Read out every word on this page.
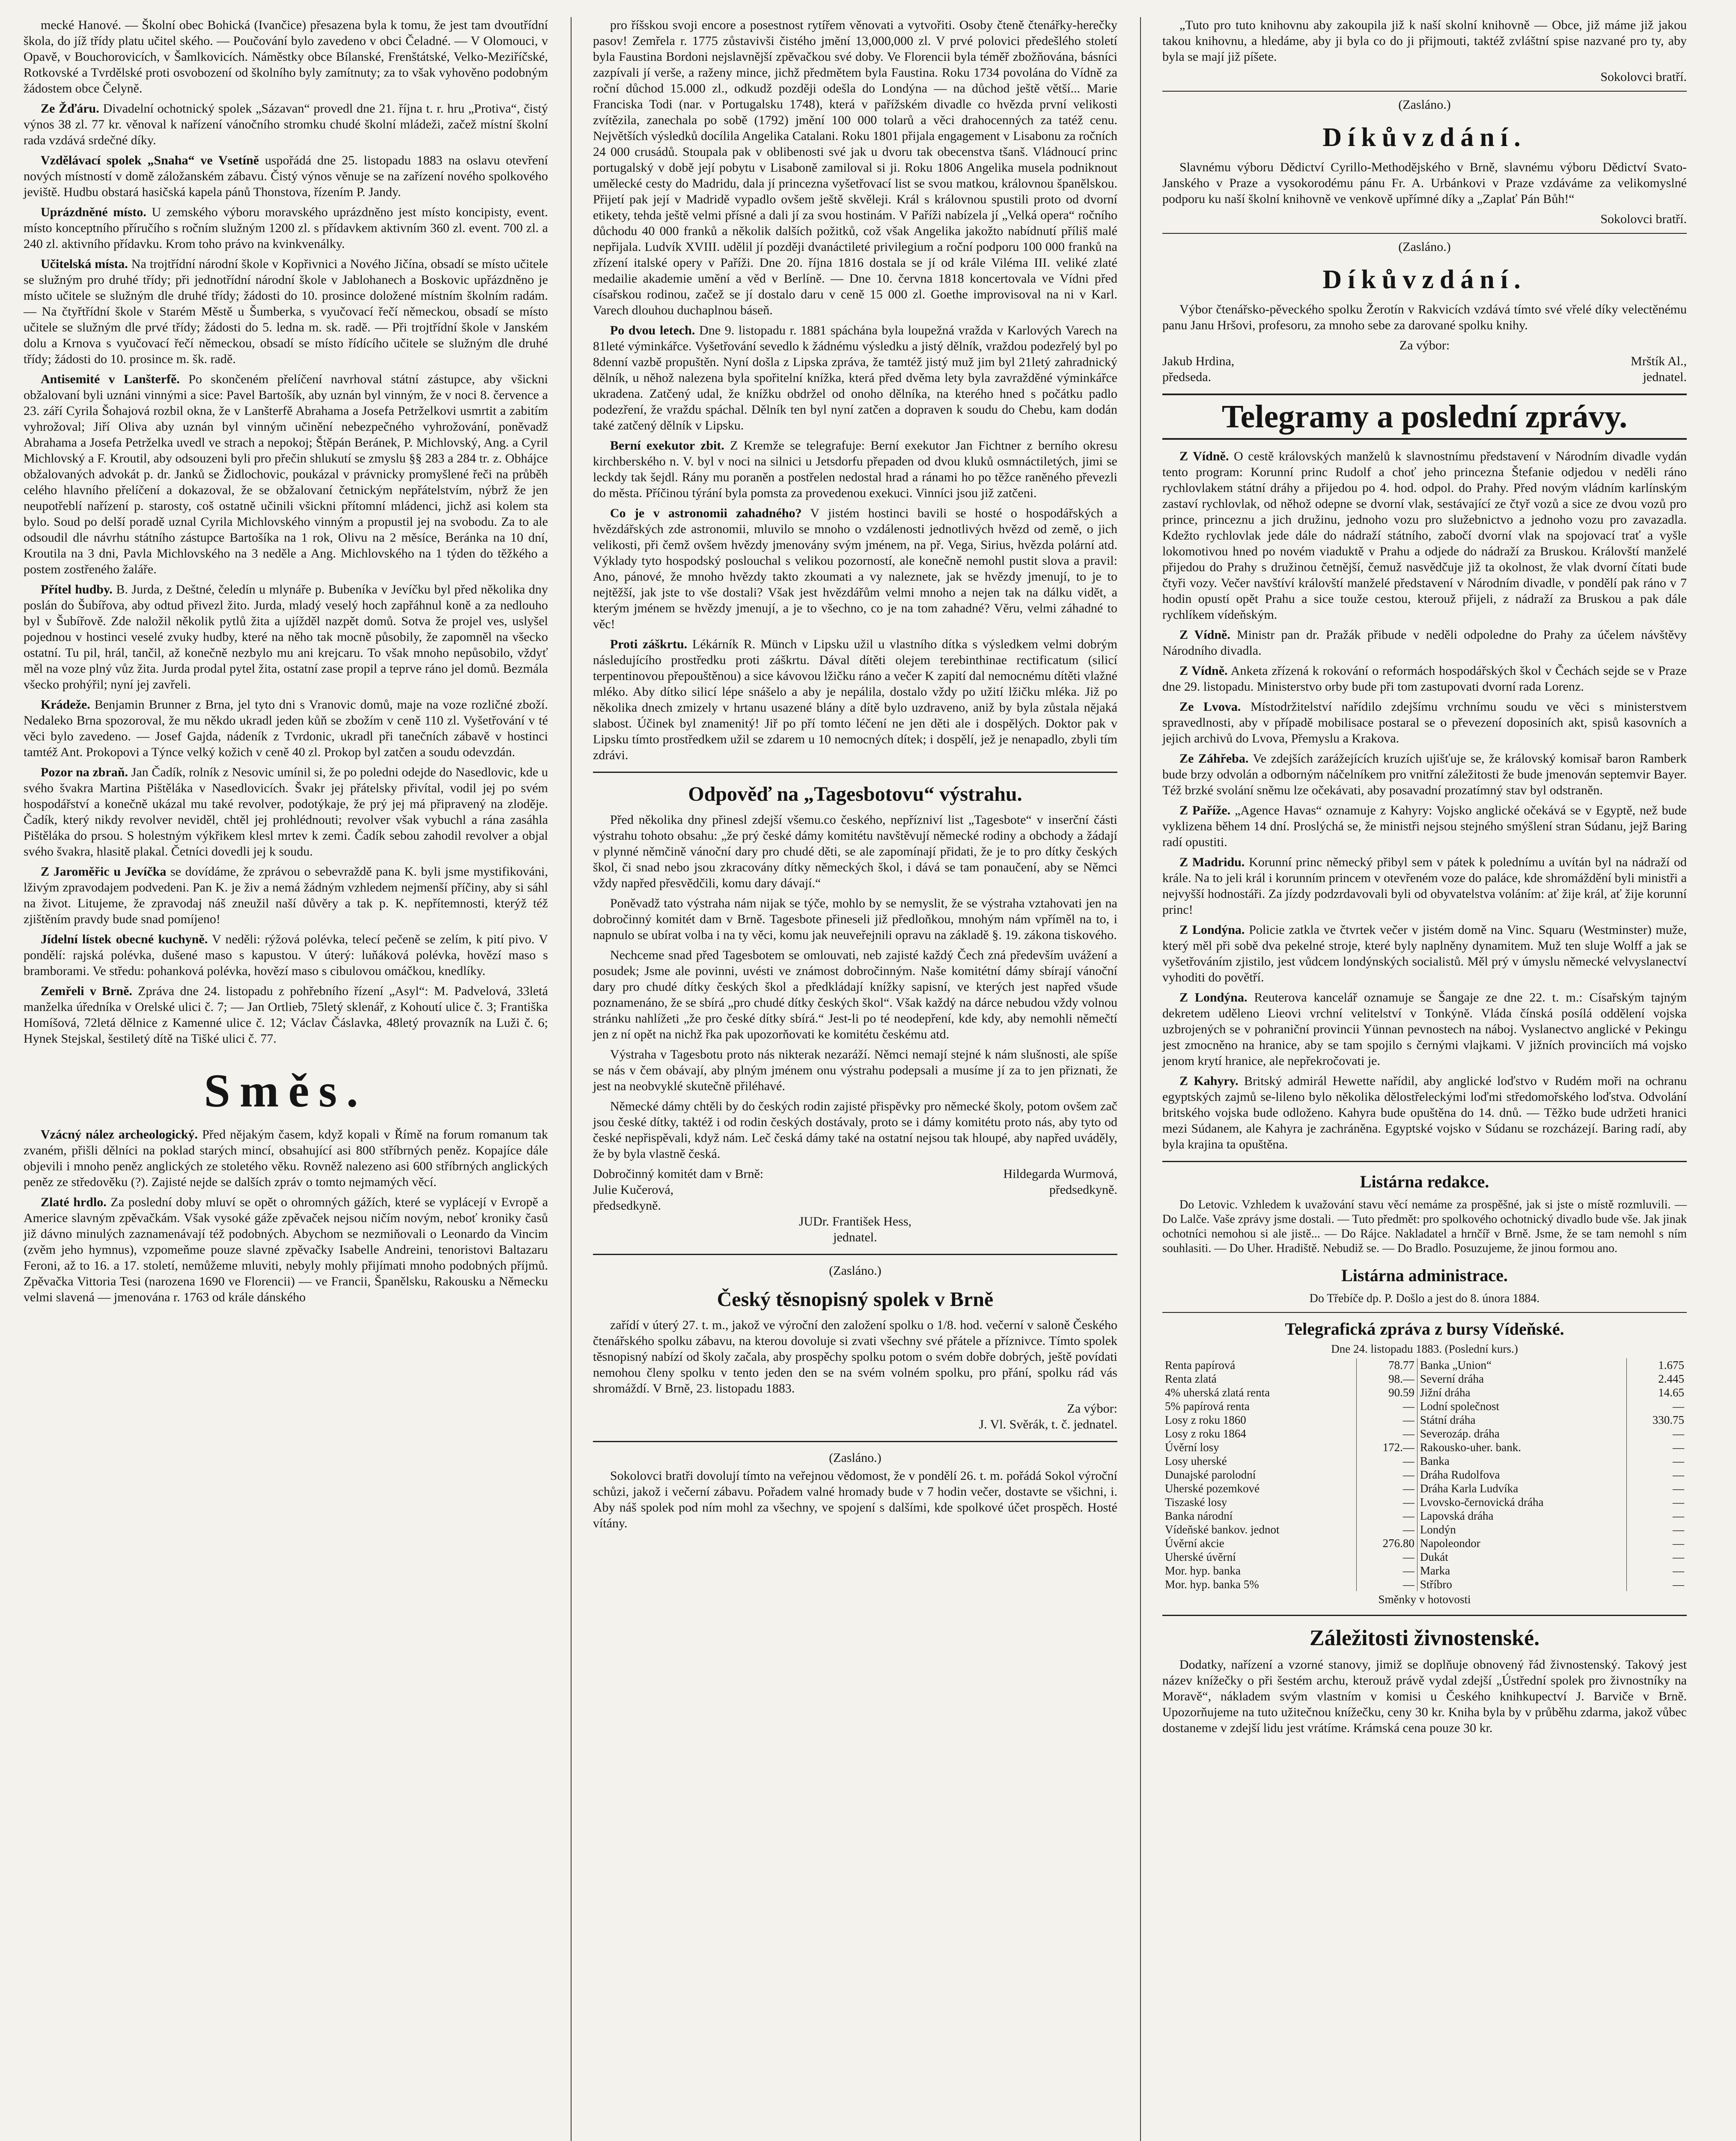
mecké Hanové. — Školní obec Bohická (Ivančice) přesazena byla k tomu, že jest tam dvoutřídní škola, do jíž třídy platu učitel ského. — Poučování bylo zavedeno v obci Čeladné. — V Olomouci, v Opavě, v Bouchorovicích, v Šamlkovicích. Náměstky obce Bílanské, Frenštátské, Velko-Meziříčské, Rotkovské a Tvrdělské proti osvobození od školního byly zamítnuty; za to však vyhověno podobným žádostem obce Čelyně.

Ze Žďáru. Divadelní ochotnický spolek „Sázavan“ provedl dne 21. října t. r. hru „Protiva“, čistý výnos 38 zl. 77 kr. věnoval k nařízení vánočního stromku chudé školní mládeži, začež místní školní rada vzdává srdečné díky.

Vzdělávací spolek „Snaha“ ve Vsetíně uspořádá dne 25. listopadu 1883 na oslavu otevření nových místností v domě záložanském zábavu. Čistý výnos věnuje se na zařízení nového spolkového jeviště. Hudbu obstará hasičská kapela pánů Thonstova, řízením P. Jandy.

Uprázdněné místo. U zemského výboru moravského uprázdněno jest místo koncipisty, event. místo konceptního příručího s ročním služným 1200 zl. s přídavkem aktivním 360 zl. event. 700 zl. a 240 zl. aktivního přídavku. Krom toho právo na kvinkvenálky.

Učitelská místa. Na trojtřídní národní škole v Kopřivnici a Nového Jičína, obsadí se místo učitele se služným pro druhé třídy; při jednotřídní národní škole v Jablohanech a Boskovic upřázdněno je místo učitele se služným dle druhé třídy; žádosti do 10. prosince doložené místním školním radám. — Na čtyřtřídní škole v Starém Městě u Šumberka, s vyučovací řečí německou, obsadí se místo učitele se služným dle prvé třídy; žádosti do 5. ledna m. sk. radě. — Při trojtřídní škole v Janském dolu a Krnova s vyučovací řečí německou, obsadí se místo řídícího učitele se služným dle druhé třídy; žádosti do 10. prosince m. šk. radě.

Antisemité v Lanšterfě. Po skončeném přelíčení navrhoval státní zástupce, aby všickni obžalovaní byli uznáni vinnými a sice: Pavel Bartošík, aby uznán byl vinným, že v noci 8. července a 23. září Cyrila Šohajová rozbil okna, že v Lanšterfě Abrahama a Josefa Petrželkovi usmrtit a zabitím vyhrožoval; Jiří Oliva aby uznán byl vinným učinění nebezpečného vyhrožování, poněvadž Abrahama a Josefa Petrželka uvedl ve strach a nepokoj; Štěpán Beránek, P. Michlovský, Ang. a Cyril Michlovský a F. Kroutil, aby odsouzeni byli pro přečin shlukutí se zmyslu §§ 283 a 284 tr. z. Obhájce obžalovaných advokát p. dr. Janků se Židlochovic, poukázal v právnicky promyšlené řeči na průběh celého hlavního přelíčení a dokazoval, že se obžalovaní četnickým nepřátelstvím, nýbrž že jen neupotřeblí nařízení p. starosty, coš ostatně učinili všickni přítomní mládenci, jichž asi kolem sta bylo. Soud po delší poradě uznal Cyrila Michlovského vinným a propustil jej na svobodu. Za to ale odsoudil dle návrhu státního zástupce Bartošíka na 1 rok, Olivu na 2 měsíce, Beránka na 10 dní, Kroutila na 3 dni, Pavla Michlovského na 3 neděle a Ang. Michlovského na 1 týden do těžkého a postem zostřeného žaláře.

Přítel hudby. B. Jurda, z Deštné, čeledín u mlynáře p. Bubeníka v Jevíčku byl před několika dny poslán do Šubířova, aby odtud přivezl žito. Jurda, mladý veselý hoch zapřáhnul koně a za nedlouho byl v Šubířově. Zde naložil několik pytlů žita a ujížděl nazpět domů. Sotva že projel ves, uslyšel pojednou v hostinci veselé zvuky hudby, které na něho tak mocně působily, že zapomněl na všecko ostatní. Tu pil, hrál, tančil, až konečně nezbylo mu ani krejcaru. To však mnoho nepůsobilo, vždyť měl na voze plný vůz žita. Jurda prodal pytel žita, ostatní zase propil a teprve ráno jel domů. Bezmála všecko prohýřil; nyní jej zavřeli.

Krádeže. Benjamin Brunner z Brna, jel tyto dni s Vranovic domů, maje na voze rozličné zboží. Nedaleko Brna spozoroval, že mu někdo ukradl jeden kůň se zbožím v ceně 110 zl. Vyšetřování v té věci bylo zavedeno. — Josef Gajda, nádeník z Tvrdonic, ukradl při tanečních zábavě v hostinci tamtéž Ant. Prokopovi a Týnce velký kožich v ceně 40 zl. Prokop byl zatčen a soudu odevzdán.

Pozor na zbraň. Jan Čadík, rolník z Nesovic umínil si, že po poledni odejde do Nasedlovic, kde u svého švakra Martina Pištěláka v Nasedlovicích. Švakr jej přátelsky přivítal, vodil jej po svém hospodářství a konečně ukázal mu také revolver, podotýkaje, že prý jej má připravený na zloděje. Čadík, který nikdy revolver neviděl, chtěl jej prohlédnouti; revolver však vybuchl a rána zasáhla Pištěláka do prsou. S holestným výkřikem klesl mrtev k zemi. Čadík sebou zahodil revolver a objal svého švakra, hlasitě plakal. Četníci dovedli jej k soudu.

Z Jaroměřic u Jevíčka se dovídáme, že zprávou o sebevraždě pana K. byli jsme mystifikováni, lživým zpravodajem podvedeni. Pan K. je živ a nemá žádným vzhledem nejmenší příčiny, aby si sáhl na život. Litujeme, že zpravodaj náš zneužil naší důvěry a tak p. K. nepřítemnosti, kterýž též zjištěním pravdy bude snad pomíjeno!

Jídelní lístek obecné kuchyně. V neděli: rýžová polévka, telecí pečeně se zelím, k pití pivo. V pondělí: rajská polévka, dušené maso s kapustou. V úterý: luňáková polévka, hovězí maso s bramborami. Ve středu: pohanková polévka, hovězí maso s cibulovou omáčkou, knedlíky.

Zemřeli v Brně. Zpráva dne 24. listopadu z pohřebního řízení „Asyl“: M. Padvelová, 33letá manželka úředníka v Orelské ulici č. 7; — Jan Ortlieb, 75letý sklenář, z Kohoutí ulice č. 3; Františka Homíšová, 72letá dělnice z Kamenné ulice č. 12; Václav Čáslavka, 48letý provazník na Luži č. 6; Hynek Stejskal, šestiletý dítě na Tišké ulici č. 77.

Směs.

Vzácný nález archeologický. Před nějakým časem, když kopali v Římě na forum romanum tak zvaném, přišli dělníci na poklad starých mincí, obsahující asi 800 stříbrných peněz. Kopajíce dále objevili i mnoho peněz anglických ze stoletého věku. Rovněž nalezeno asi 600 stříbrných anglických peněz ze středověku (?). Zajisté nejde se dalších zpráv o tomto nejmamých věcí.

Zlaté hrdlo. Za poslední doby mluví se opět o ohromných gážích, které se vyplácejí v Evropě a Americe slavným zpěvačkám. Však vysoké gáže zpěvaček nejsou ničím novým, neboť kroniky časů již dávno minulých zaznamenávají též podobných. Abychom se nezmiňovali o Leonardo da Vincim (zvěm jeho hymnus), vzpomeňme pouze slavné zpěvačky Isabelle Andreini, tenoristovi Baltazaru Feroni, až to 16. a 17. století, nemůžeme mluviti, nebyly mohly přijímati mnoho podobných příjmů. Zpěvačka Vittoria Tesi (narozena 1690 ve Florencii) — ve Francii, Španělsku, Rakousku a Německu velmi slavená — jmenována r. 1763 od krále dánského

pro říšskou svoji encore a posestnost rytířem věnovati a vytvořiti. Osoby čteně čtenářky-herečky pasov! Zemřela r. 1775 zůstavivši čistého jmění 13,000,000 zl. V prvé polovici předešlého století byla Faustina Bordoni nejslavnější zpěvačkou své doby. Ve Florencii byla téměř zbožňována, básníci zazpívali jí verše, a raženy mince, jichž předmětem byla Faustina. Roku 1734 povolána do Vídně za roční důchod 15.000 zl., odkudž později odešla do Londýna — na důchod ještě větší... Marie Franciska Todi (nar. v Portugalsku 1748), která v pařížském divadle co hvězda první velikosti zvítězila, zanechala po sobě (1792) jmění 100 000 tolarů a věci drahocenných za tatéž cenu. Největších výsledků docílila Angelika Catalani. Roku 1801 přijala engagement v Lisabonu za ročních 24 000 crusádů. Stoupala pak v oblibenosti své jak u dvoru tak obecenstva tšanš. Vládnoucí princ portugalský v době její pobytu v Lisaboně zamiloval si ji. Roku 1806 Angelika musela podniknout umělecké cesty do Madridu, dala jí princezna vyšetřovací list se svou matkou, královnou španělskou. Přijetí pak její v Madridě vypadlo ovšem ještě skvěleji. Král s královnou spustili proto od dvorní etikety, tehda ještě velmi přísné a dali jí za svou hostinám. V Paříži nabízela jí „Velká opera“ ročního důchodu 40 000 franků a několik dalších požitků, což však Angelika jakožto nabídnutí příliš malé nepřijala. Ludvík XVIII. udělil jí později dvanáctileté privilegium a roční podporu 100 000 franků na zřízení italské opery v Paříži. Dne 20. října 1816 dostala se jí od krále Viléma III. veliké zlaté medailie akademie umění a věd v Berlíně. — Dne 10. června 1818 koncertovala ve Vídni před císařskou rodinou, začež se jí dostalo daru v ceně 15 000 zl. Goethe improvisoval na ni v Karl. Varech dlouhou duchaplnou báseň.

Po dvou letech. Dne 9. listopadu r. 1881 spáchána byla loupežná vražda v Karlových Varech na 81leté výminkářce. Vyšetřování sevedlo k žádnému výsledku a jistý dělník, vraždou podezřelý byl po 8denní vazbě propuštěn. Nyní došla z Lipska zpráva, že tamtéž jistý muž jim byl 21letý zahradnický dělník, u něhož nalezena byla spořitelní knížka, která před dvěma lety byla zavražděné výminkářce ukradena. Zatčený udal, že knížku obdržel od onoho dělníka, na kterého hned s počátku padlo podezření, že vraždu spáchal. Dělník ten byl nyní zatčen a dopraven k soudu do Chebu, kam dodán také zatčený dělník v Lipsku.

Berní exekutor zbit. Z Kremže se telegrafuje: Berní exekutor Jan Fichtner z berního okresu kirchberského n. V. byl v noci na silnici u Jetsdorfu přepaden od dvou kluků osmnáctiletých, jimi se leckdy tak šejdl. Rány mu poraněn a postřelen nedostal hrad a ránami ho po těžce raněného převezli do města. Příčinou týrání byla pomsta za provedenou exekuci. Vinníci jsou již zatčeni.

Co je v astronomii zahadného? V jistém hostinci bavili se hosté o hospodářských a hvězdářských zde astronomii, mluvilo se mnoho o vzdálenosti jednotlivých hvězd od země, o jich velikosti, při čemž ovšem hvězdy jmenovány svým jménem, na př. Vega, Sirius, hvězda polární atd. Výklady tyto hospodský poslouchal s velikou pozorností, ale konečně nemohl pustit slova a pravil: Ano, pánové, že mnoho hvězdy takto zkoumati a vy naleznete, jak se hvězdy jmenují, to je to nejtěžší, jak jste to vše dostali? Však jest hvězdářům velmi mnoho a nejen tak na dálku vidět, a kterým jménem se hvězdy jmenují, a je to všechno, co je na tom zahadné? Věru, velmi záhadné to věc!

Proti záškrtu. Lékárník R. Münch v Lipsku užil u vlastního dítka s výsledkem velmi dobrým následujícího prostředku proti záškrtu. Dával dítěti olejem terebinthinae rectificatum (silicí terpentinovou přepouštěnou) a sice kávovou lžičku ráno a večer K zapití dal nemocnému dítěti vlažné mléko. Aby dítko silicí lépe snášelo a aby je nepálila, dostalo vždy po užití lžičku mléka. Již po několika dnech zmizely v hrtanu usazené blány a dítě bylo uzdraveno, aniž by byla zůstala nějaká slabost. Účinek byl znamenitý! Jiř po pří tomto léčení ne jen děti ale i dospělých. Doktor pak v Lipsku tímto prostředkem užil se zdarem u 10 nemocných dítek; i dospělí, jež je nenapadlo, zbyli tím zdrávi.

Odpověď na „Tagesbotovu“ výstrahu.

Před několika dny přinesl zdejší všemu.co českého, nepřízniví list „Tagesbote“ v inserční části výstrahu tohoto obsahu: „že prý české dámy komitétu navštěvují německé rodiny a obchody a žádají v plynné němčině vánoční dary pro chudé děti, se ale zapomínají přidati, že je to pro dítky českých škol, či snad nebo jsou zkracovány dítky německých škol, i dává se tam ponaučení, aby se Němci vždy napřed přesvědčili, komu dary dávají.“

Poněvadž tato výstraha nám nijak se týče, mohlo by se nemyslit, že se výstraha vztahovati jen na dobročinný komitét dam v Brně. Tagesbote přineseli již předloňkou, mnohým nám vpříměl na to, i napnulo se ubírat volba i na ty věci, komu jak neuveřejnili opravu na základě §. 19. zákona tiskového.

Nechceme snad před Tagesbotem se omlouvati, neb zajisté každý Čech zná především uvážení a posudek; Jsme ale povinni, uvésti ve známost dobročinným. Naše komitétní dámy sbírají vánoční dary pro chudé dítky českých škol a předkládají knížky sapisní, ve kterých jest napřed všude poznamenáno, že se sbírá „pro chudé dítky českých škol“. Však každý na dárce nebudou vždy volnou stránku nahlížeti „že pro české dítky sbírá.“ Jest-li po té neodepření, kde kdy, aby nemohli němečtí jen z ní opět na nichž řka pak upozorňovati ke komitétu českému atd.

Výstraha v Tagesbotu proto nás nikterak nezaráží. Němci nemají stejné k nám slušnosti, ale spíše se nás v čem obávají, aby plným jménem onu výstrahu podepsali a musíme jí za to jen přiznati, že jest na neobvyklé skutečně přiléhavé.

Německé dámy chtěli by do českých rodin zajisté přispěvky pro německé školy, potom ovšem zač jsou české dítky, taktéž i od rodin českých dostávaly, proto se i dámy komitétu proto nás, aby tyto od české nepřispěvali, když nám. Leč česká dámy také na ostatní nejsou tak hloupé, aby napřed uváděly, že by byla vlastně česká.

Dobročinný komitét dam v Brně:
Julie Kučerová,
předsedkyně.
Hildegarda Wurmová,
předsedkyně.
JUDr. František Hess,
jednatel.
(Zasláno.)
Český těsnopisný spolek v Brně

zařídí v úterý 27. t. m., jakož ve výroční den založení spolku o 1/8. hod. večerní v saloně Českého čtenářského spolku zábavu, na kterou dovoluje si zvati všechny své přátele a příznivce. Tímto spolek těsnopisný nabízí od školy začala, aby prospěchy spolku potom o svém dobře dobrých, ještě povídati nemohou členy spolku v tento jeden den se na svém volném spolku, pro přání, spolku rád vás shromáždí. V Brně, 23. listopadu 1883.

Za výbor:
J. Vl. Svěrák, t. č. jednatel.
(Zasláno.)

Sokolovci bratři dovolují tímto na veřejnou vědomost, že v pondělí 26. t. m. pořádá Sokol výroční schůzi, jakož i večerní zábavu. Pořadem valné hromady bude v 7 hodin večer, dostavte se všichni, i. Aby náš spolek pod ním mohl za všechny, ve spojení s dalšími, kde spolkové účet prospěch. Hosté vítány.

„Tuto pro tuto knihovnu aby zakoupila již k naší skolní knihovně — Obce, již máme již jakou takou knihovnu, a hledáme, aby ji byla co do ji přijmouti, taktéž zvláštní spise nazvané pro ty, aby byla se mají již píšete.

Sokolovci bratří.
(Zasláno.)
Díkůvzdání.

Slavnému výboru Dědictví Cyrillo-Methodějského v Brně, slavnému výboru Dědictví Svato-Janského v Praze a vysokorodému pánu Fr. A. Urbánkovi v Praze vzdáváme za velikomyslné podporu ku naší školní knihovně ve venkově upřímné díky a „Zaplať Pán Bůh!“

Sokolovci bratří.
(Zasláno.)
Díkůvzdání.

Výbor čtenářsko-pěveckého spolku Žerotín v Rakvicích vzdává tímto své vřelé díky velectěnému panu Janu Hršovi, profesoru, za mnoho sebe za darované spolku knihy.

Za výbor:
Jakub Hrdina,
předseda.
Mrštík Al.,
jednatel.
Telegramy a poslední zprávy.

Z Vídně. O cestě královských manželů k slavnostnímu představení v Národním divadle vydán tento program: Korunní princ Rudolf a choť jeho princezna Štefanie odjedou v neděli ráno rychlovlakem státní dráhy a přijedou po 4. hod. odpol. do Prahy. Před novým vládním karlínským zastaví rychlovlak, od něhož odepne se dvorní vlak, sestávající ze čtyř vozů a sice ze dvou vozů pro prince, princeznu a jich družinu, jednoho vozu pro služebnictvo a jednoho vozu pro zavazadla. Kdežto rychlovlak jede dále do nádraží státního, zabočí dvorní vlak na spojovací trať a vyšle lokomotivou hned po novém viaduktě v Prahu a odjede do nádraží za Bruskou. Královští manželé přijedou do Prahy s družinou četnější, čemuž nasvědčuje již ta okolnost, že vlak dvorní čítati bude čtyři vozy. Večer navštíví královští manželé představení v Národním divadle, v pondělí pak ráno v 7 hodin opustí opět Prahu a sice touže cestou, kterouž přijeli, z nádraží za Bruskou a pak dále rychlíkem vídeňským.

Z Vídně. Ministr pan dr. Pražák přibude v neděli odpoledne do Prahy za účelem návštěvy Národního divadla.

Z Vídně. Anketa zřízená k rokování o reformách hospodářských škol v Čechách sejde se v Praze dne 29. listopadu. Ministerstvo orby bude při tom zastupovati dvorní rada Lorenz.

Ze Lvova. Místodržitelství nařídilo zdejšímu vrchnímu soudu ve věci s ministerstvem spravedlnosti, aby v případě mobilisace postaral se o převezení doposiních akt, spisů kasovních a jejich archivů do Lvova, Přemyslu a Krakova.

Ze Záhřeba. Ve zdejších zarážejících kruzích ujišťuje se, že královský komisař baron Ramberk bude brzy odvolán a odborným náčelníkem pro vnitřní záležitosti že bude jmenován septemvir Bayer. Též brzké svolání sněmu lze očekávati, aby posavadní prozatímný stav byl odstraněn.

Z Paříže. „Agence Havas“ oznamuje z Kahyry: Vojsko anglické očekává se v Egyptě, než bude vyklizena během 14 dní. Proslýchá se, že ministři nejsou stejného smýšlení stran Súdanu, jejž Baring radí opustiti.

Z Madridu. Korunní princ německý přibyl sem v pátek k polednímu a uvítán byl na nádraží od krále. Na to jeli král i korunním princem v otevřeném voze do paláce, kde shromáždění byli ministři a nejvyšší hodnostáři. Za jízdy podzrdavovali byli od obyvatelstva voláním: ať žije král, ať žije korunní princ!

Z Londýna. Policie zatkla ve čtvrtek večer v jistém domě na Vinc. Squaru (Westminster) muže, který měl při sobě dva pekelné stroje, které byly naplněny dynamitem. Muž ten sluje Wolff a jak se vyšetřováním zjistilo, jest vůdcem londýnských socialistů. Měl prý v úmyslu německé velvyslanectví vyhoditi do povětří.

Z Londýna. Reuterova kancelář oznamuje se Šangaje ze dne 22. t. m.: Císařským tajným dekretem uděleno Lieovi vrchní velitelství v Tonkýně. Vláda čínská posílá oddělení vojska uzbrojených se v pohraniční provincii Yünnan pevnostech na náboj. Vyslanectvo anglické v Pekingu jest zmocněno na hranice, aby se tam spojilo s černými vlajkami. V jižních provinciích má vojsko jenom krytí hranice, ale nepřekročovati je.

Z Kahyry. Britský admirál Hewette nařídil, aby anglické loďstvo v Rudém moři na ochranu egyptských zajmů se-lileno bylo několika dělostřeleckými loďmi středomořského loďstva. Odvolání britského vojska bude odloženo. Kahyra bude opuštěna do 14. dnů. — Těžko bude udržeti hranici mezi Súdanem, ale Kahyra je zachráněna. Egyptské vojsko v Súdanu se rozcházejí. Baring radí, aby byla krajina ta opuštěna.

Listárna redakce.

Do Letovic. Vzhledem k uvažování stavu věcí nemáme za prospěšné, jak si jste o místě rozmluvili. — Do Lalče. Vaše zprávy jsme dostali. — Tuto předmět: pro spolkového ochotnický divadlo bude vše. Jak jinak ochotníci nemohou si ale jistě... — Do Rájce. Nakladatel a hrnčíř v Brně. Jsme, že se tam nemohl s ním souhlasiti. — Do Uher. Hradiště. Nebudiž se. — Do Bradlo. Posuzujeme, že jinou formou ano.

Listárna administrace.

Do Třebíče dp. P. Došlo a jest do 8. února 1884.

Telegrafická zpráva z bursy Vídeňské.
Dne 24. listopadu 1883. (Poslední kurs.)
Renta papírová	78.77	Banka „Union“	1.675
Renta zlatá	98.—	Severní dráha	2.445
4% uherská zlatá renta	90.59	Jižní dráha	14.65
5% papírová renta	—	Lodní společnost	—
Losy z roku 1860	—	Státní dráha	330.75
Losy z roku 1864	—	Severozáp. dráha	—
Úvěrní losy	172.—	Rakousko-uher. bank.	—
Losy uherské	—	Banka	—
Dunajské parolodní	—	Dráha Rudolfova	—
Uherské pozemkové	—	Dráha Karla Ludvíka	—
Tiszaské losy	—	Lvovsko-černovická dráha	—
Banka národní	—	Lapovská dráha	—
Vídeňské bankov. jednot	—	Londýn	—
Úvěrní akcie	276.80	Napoleondor	—
Uherské úvěrní	—	Dukát	—
Mor. hyp. banka	—	Marka	—
Mor. hyp. banka 5%	—	Stříbro	—
Směnky v hotovosti
Záležitosti živnostenské.

Dodatky, nařízení a vzorné stanovy, jimiž se doplňuje obnovený řád živnostenský. Takový jest název knížečky o při šestém archu, kterouž právě vydal zdejší „Ústřední spolek pro živnostníky na Moravě“, nákladem svým vlastním v komisi u Českého knihkupectví J. Barviče v Brně. Upozorňujeme na tuto užitečnou knížečku, ceny 30 kr. Kniha byla by v průběhu zdarma, jakož vůbec dostaneme v zdejší lidu jest vrátíme. Krámská cena pouze 30 kr.
